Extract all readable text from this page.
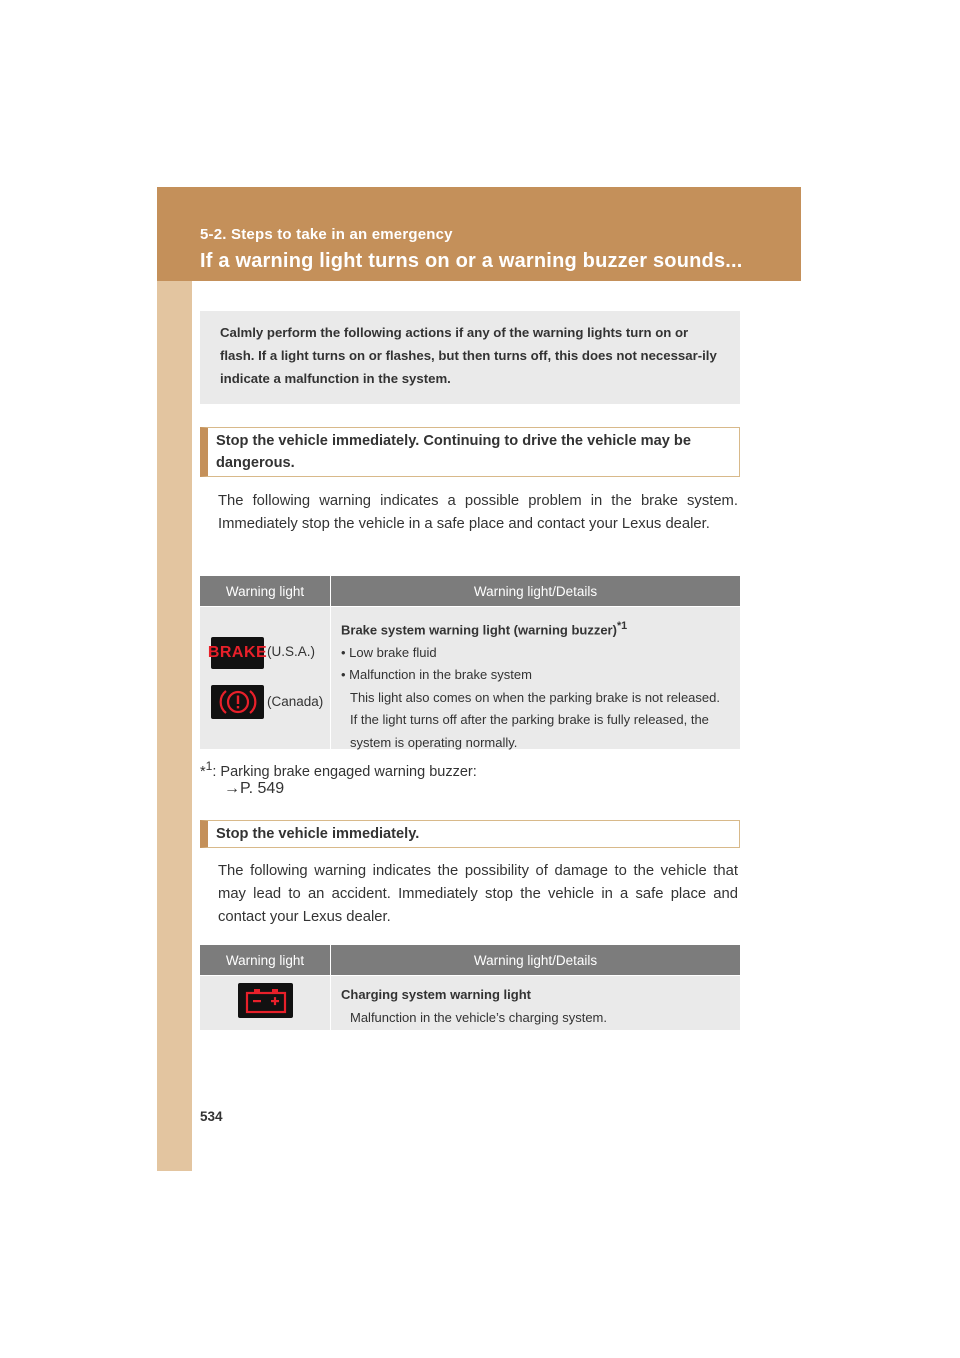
5-2. Steps to take in an emergency
If a warning light turns on or a warning buzzer sounds...
Calmly perform the following actions if any of the warning lights turn on or flash. If a light turns on or flashes, but then turns off, this does not necessar-ily indicate a malfunction in the system.
Stop the vehicle immediately. Continuing to drive the vehicle may be dangerous.
The following warning indicates a possible problem in the brake system. Immediately stop the vehicle in a safe place and contact your Lexus dealer.
Warning light	Warning light/Details
BRAKE (U.S.A.)
(Canada)
Brake system warning light (warning buzzer)$^{*1}$
• Low brake fluid
• Malfunction in the brake system
This light also comes on when the parking brake is not released. If the light turns off after the parking brake is fully released, the system is operating normally.
*$^1$: Parking brake engaged warning buzzer:
→P. 549
Stop the vehicle immediately.
The following warning indicates the possibility of damage to the vehicle that may lead to an accident. Immediately stop the vehicle in a safe place and contact your Lexus dealer.
Warning light	Warning light/Details
Charging system warning light
Malfunction in the vehicle’s charging system.
534
